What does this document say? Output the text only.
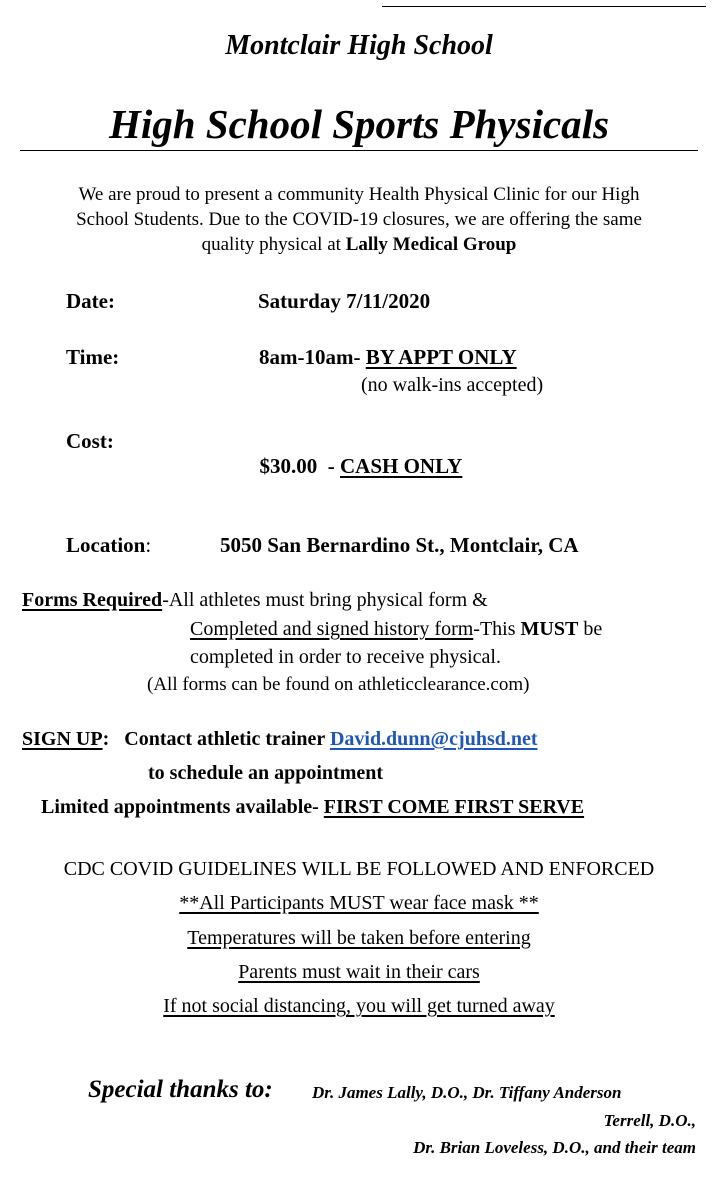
Montclair High School
High School Sports Physicals
We are proud to present a community Health Physical Clinic for our High
School Students. Due to the COVID-19 closures, we are offering the same
quality physical at Lally Medical Group
Date:	Saturday 7/11/2020
Time:	8am-10am- BY APPT ONLY
(no walk-ins accepted)
Cost:

$30.00  - CASH ONLY

Location:	5050 San Bernardino St., Montclair, CA
Forms Required-All athletes must bring physical form &
Completed and signed history form-This MUST be
completed in order to receive physical.
(All forms can be found on athleticclearance.com)
SIGN UP: Contact athletic trainer David.dunn@cjuhsd.net
to schedule an appointment
Limited appointments available- FIRST COME FIRST SERVE
CDC COVID GUIDELINES WILL BE FOLLOWED AND ENFORCED
**All Participants MUST wear face mask **
Temperatures will be taken before entering
Parents must wait in their cars
If not social distancing, you will get turned away
Special thanks to: Dr. James Lally, D.O., Dr. Tiffany Anderson
Terrell, D.O.,
Dr. Brian Loveless, D.O., and their team
